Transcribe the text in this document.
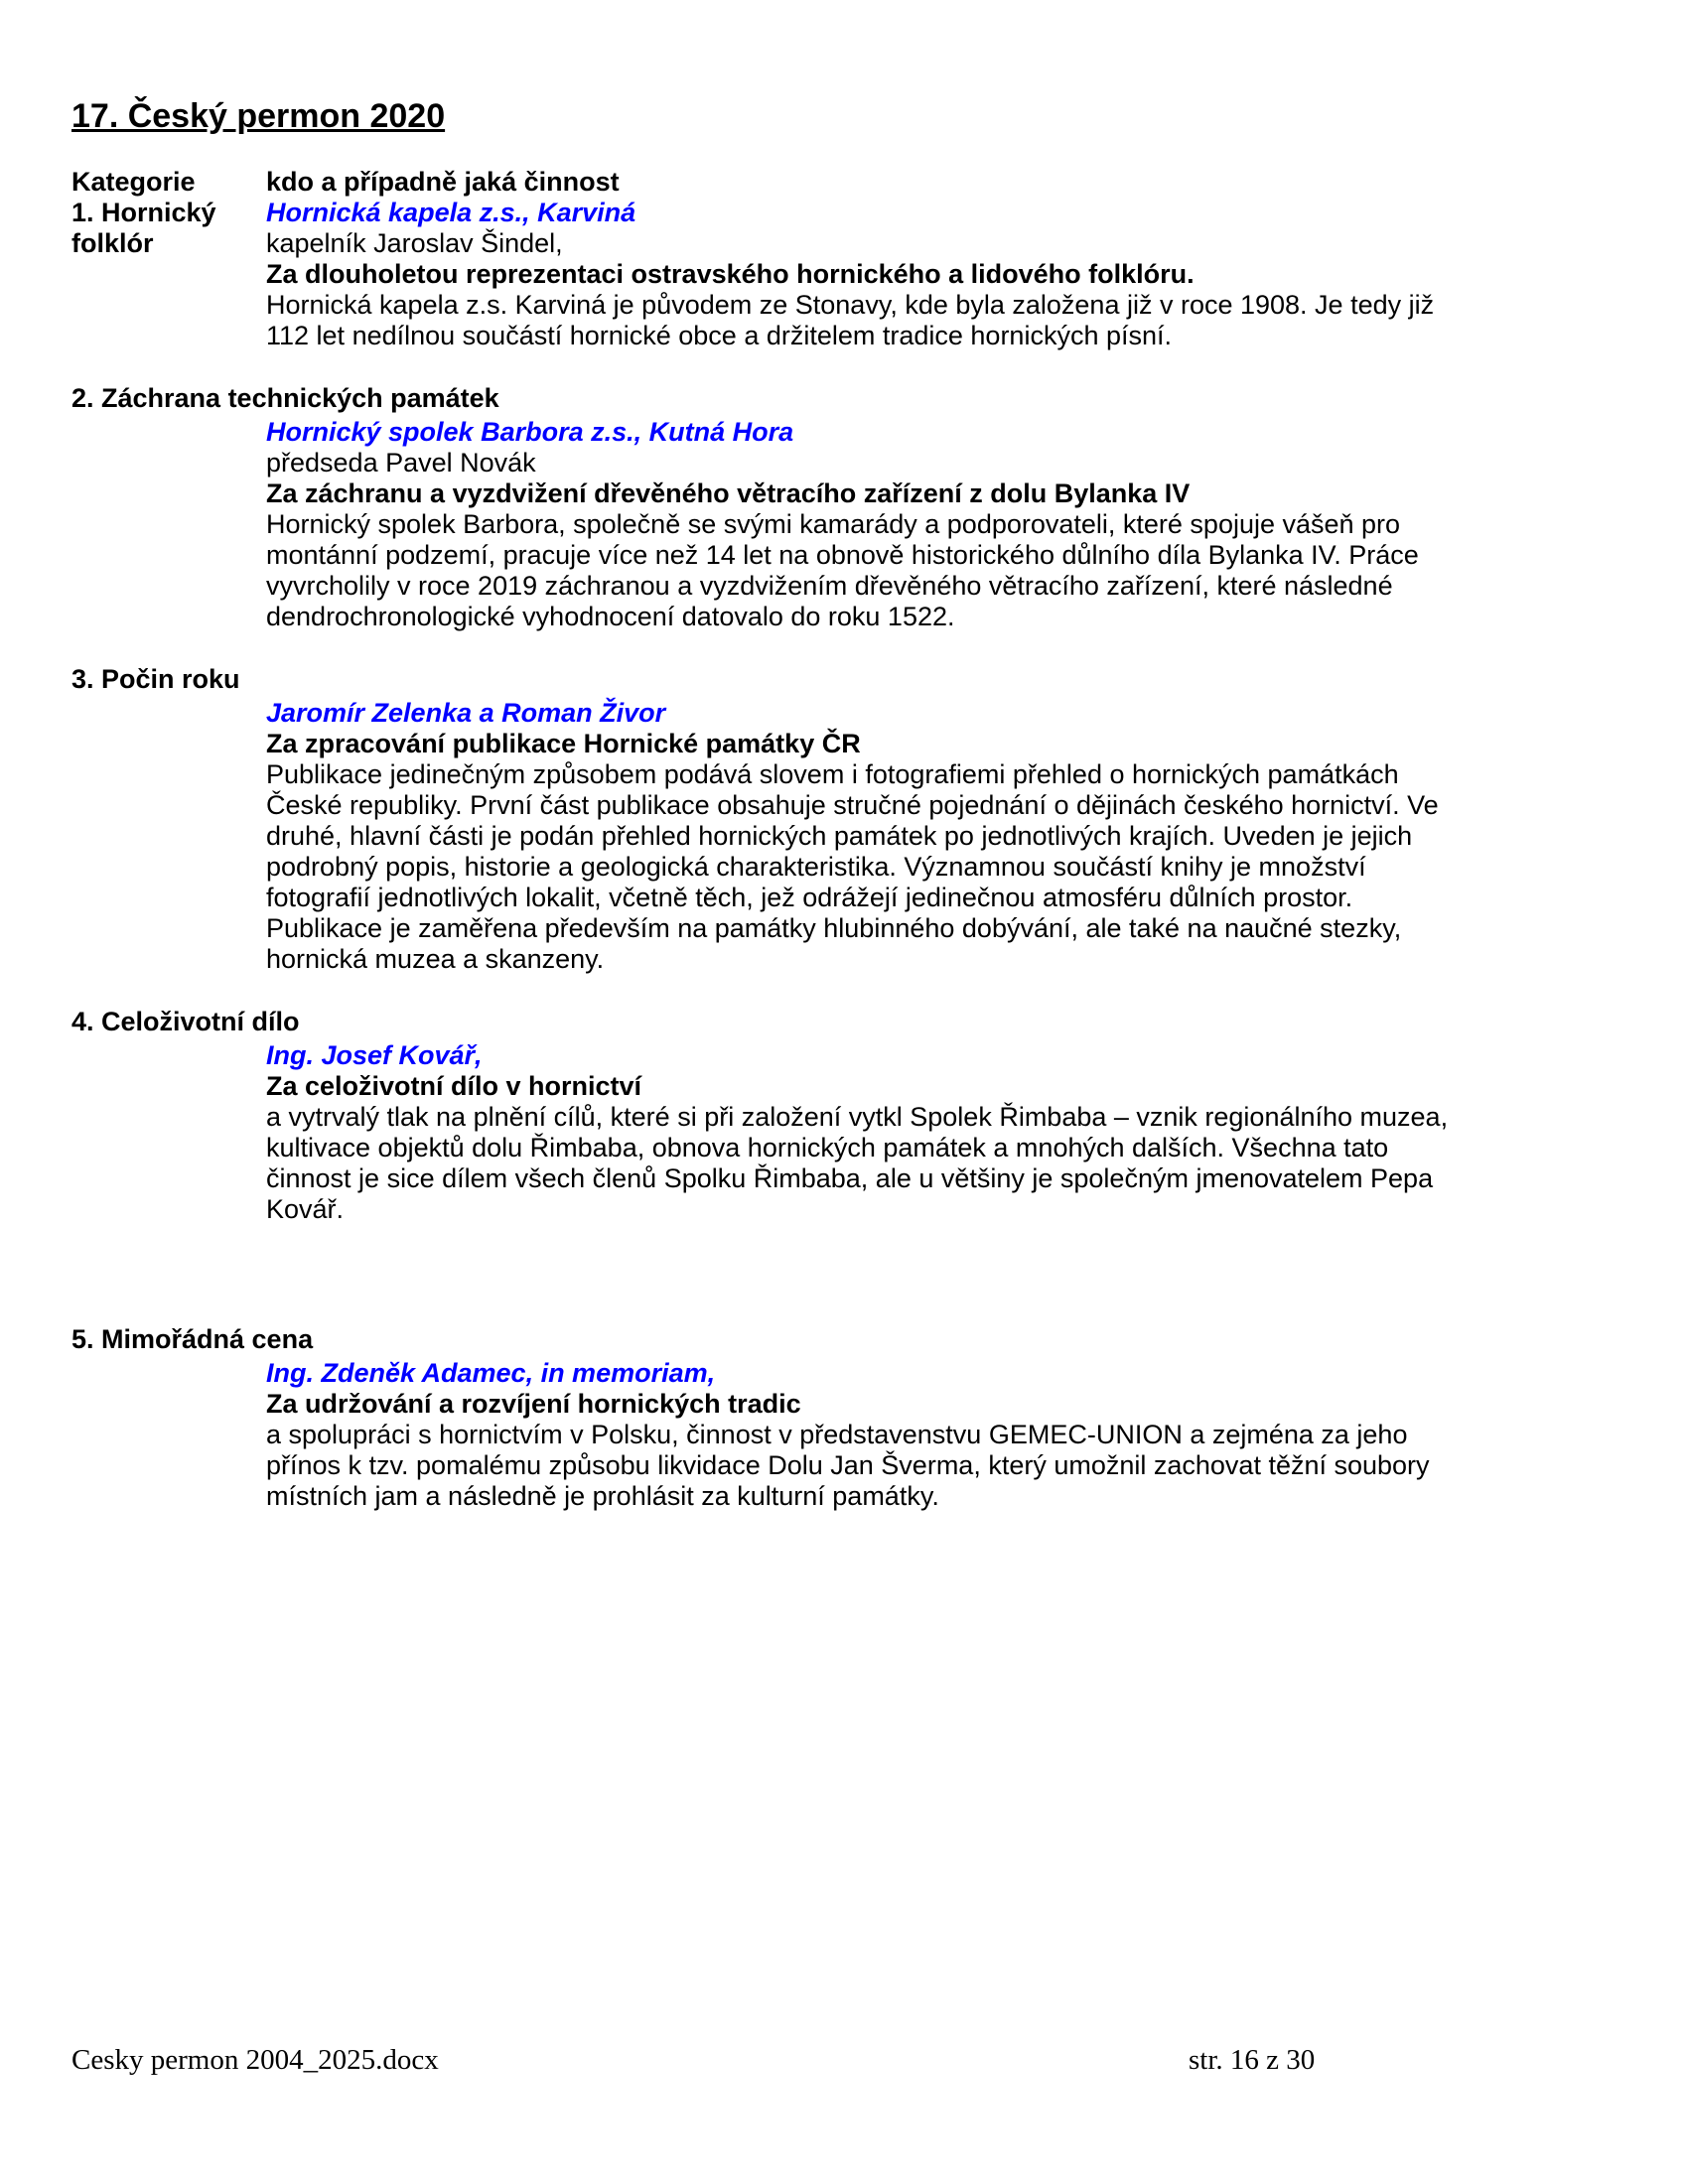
17. Český permon 2020
Kategorie	kdo a případně jaká činnost
1. Hornický folklór
Hornická kapela z.s., Karviná
kapelník Jaroslav Šindel,
Za dlouholetou reprezentaci ostravského hornického a lidového folklóru.
Hornická kapela z.s. Karviná je původem ze Stonavy, kde byla založena již v roce 1908. Je tedy již 112 let nedílnou součástí hornické obce a držitelem tradice hornických písní.
2. Záchrana technických památek
Hornický spolek Barbora z.s., Kutná Hora
předseda Pavel Novák
Za záchranu a vyzdvižení dřevěného větracího zařízení z dolu Bylanka IV
Hornický spolek Barbora, společně se svými kamarády a podporovateli, které spojuje vášeň pro montánní podzemí, pracuje více než 14 let na obnově historického důlního díla Bylanka IV. Práce vyvrcholily v roce 2019 záchranou a vyzdvižením dřevěného větracího zařízení, které následné dendrochronologické vyhodnocení datovalo do roku 1522.
3. Počin roku
Jaromír Zelenka a Roman Živor
Za zpracování publikace Hornické památky ČR
Publikace jedinečným způsobem podává slovem i fotografiemi přehled o hornických památkách České republiky. První část publikace obsahuje stručné pojednání o dějinách českého hornictví. Ve druhé, hlavní části je podán přehled hornických památek po jednotlivých krajích. Uveden je jejich podrobný popis, historie a geologická charakteristika. Významnou součástí knihy je množství fotografií jednotlivých lokalit, včetně těch, jež odrážejí jedinečnou atmosféru důlních prostor. Publikace je zaměřena především na památky hlubinného dobývání, ale také na naučné stezky, hornická muzea a skanzeny.
4. Celoživotní dílo
Ing. Josef Kovář,
Za celoživotní dílo v hornictví
a vytrvalý tlak na plnění cílů, které si při založení vytkl Spolek Řimbaba – vznik regionálního muzea, kultivace objektů dolu Řimbaba, obnova hornických památek a mnohých dalších. Všechna tato činnost je sice dílem všech členů Spolku Řimbaba, ale u většiny je společným jmenovatelem Pepa Kovář.
5. Mimořádná cena
Ing. Zdeněk Adamec, in memoriam,
Za udržování a rozvíjení hornických tradic
a spolupráci s hornictvím v Polsku, činnost v představenstvu GEMEC-UNION a zejména za jeho přínos k tzv. pomalému způsobu likvidace Dolu Jan Šverma, který umožnil zachovat těžní soubory místních jam a následně je prohlásit za kulturní památky.
Cesky permon 2004_2025.docx	str. 16 z 30
